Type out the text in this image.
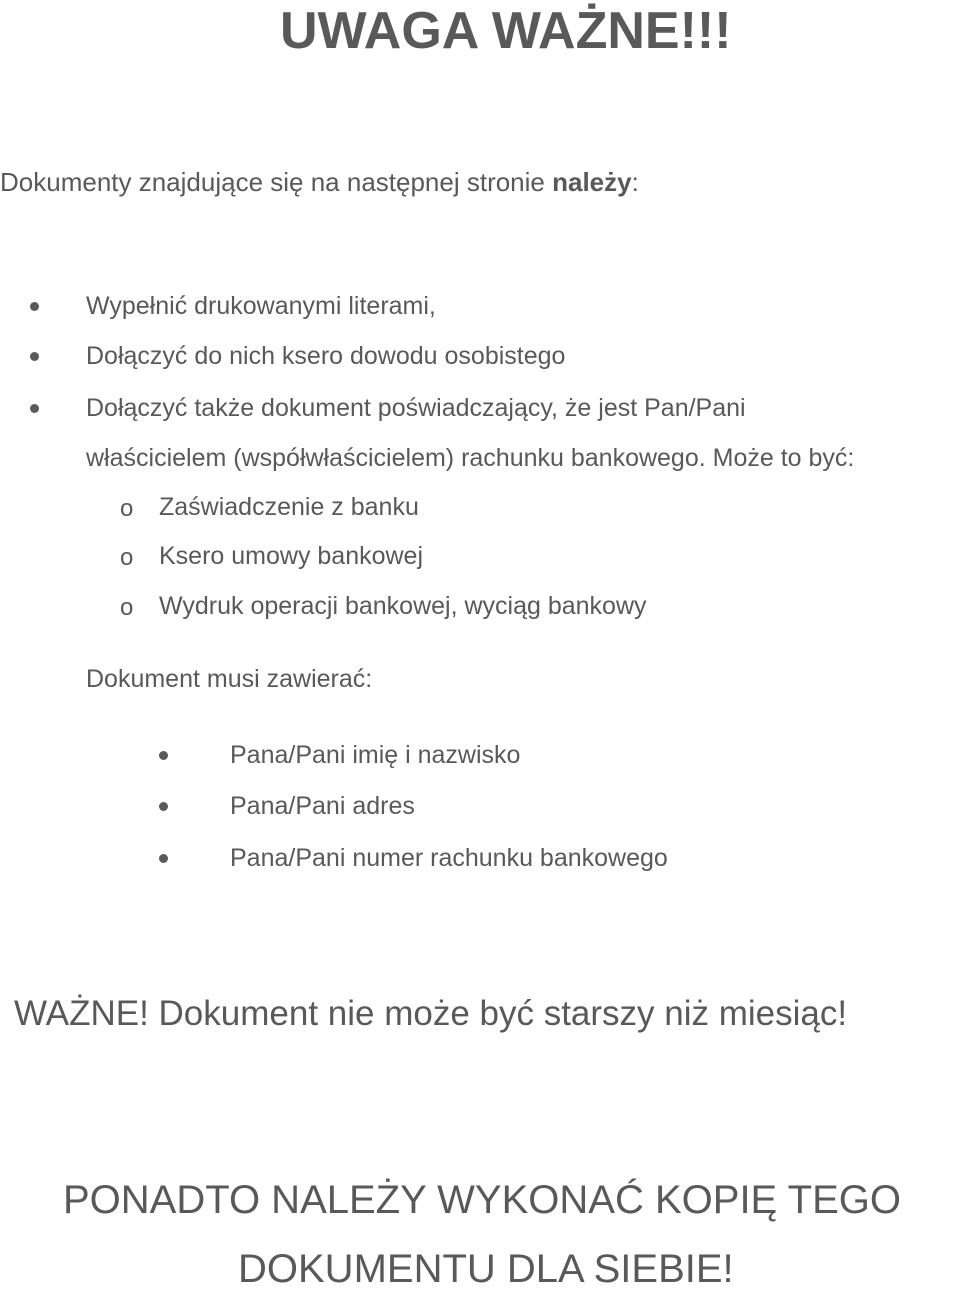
UWAGA WAŻNE!!!

Dokumenty znajdujące się na następnej stronie należy:

Wypełnić drukowanymi literami,
Dołączyć do nich ksero dowodu osobistego
Dołączyć także dokument poświadczający, że jest Pan/Pani
właścicielem (współwłaścicielem) rachunku bankowego. Może to być:
o Zaświadczenie z banku
o Ksero umowy bankowej
o Wydruk operacji bankowej, wyciąg bankowy

Dokument musi zawierać:

Pana/Pani imię i nazwisko
Pana/Pani adres
Pana/Pani numer rachunku bankowego

WAŻNE! Dokument nie może być starszy niż miesiąc!

PONADTO NALEŻY WYKONAĆ KOPIĘ TEGO

DOKUMENTU DLA SIEBIE!
